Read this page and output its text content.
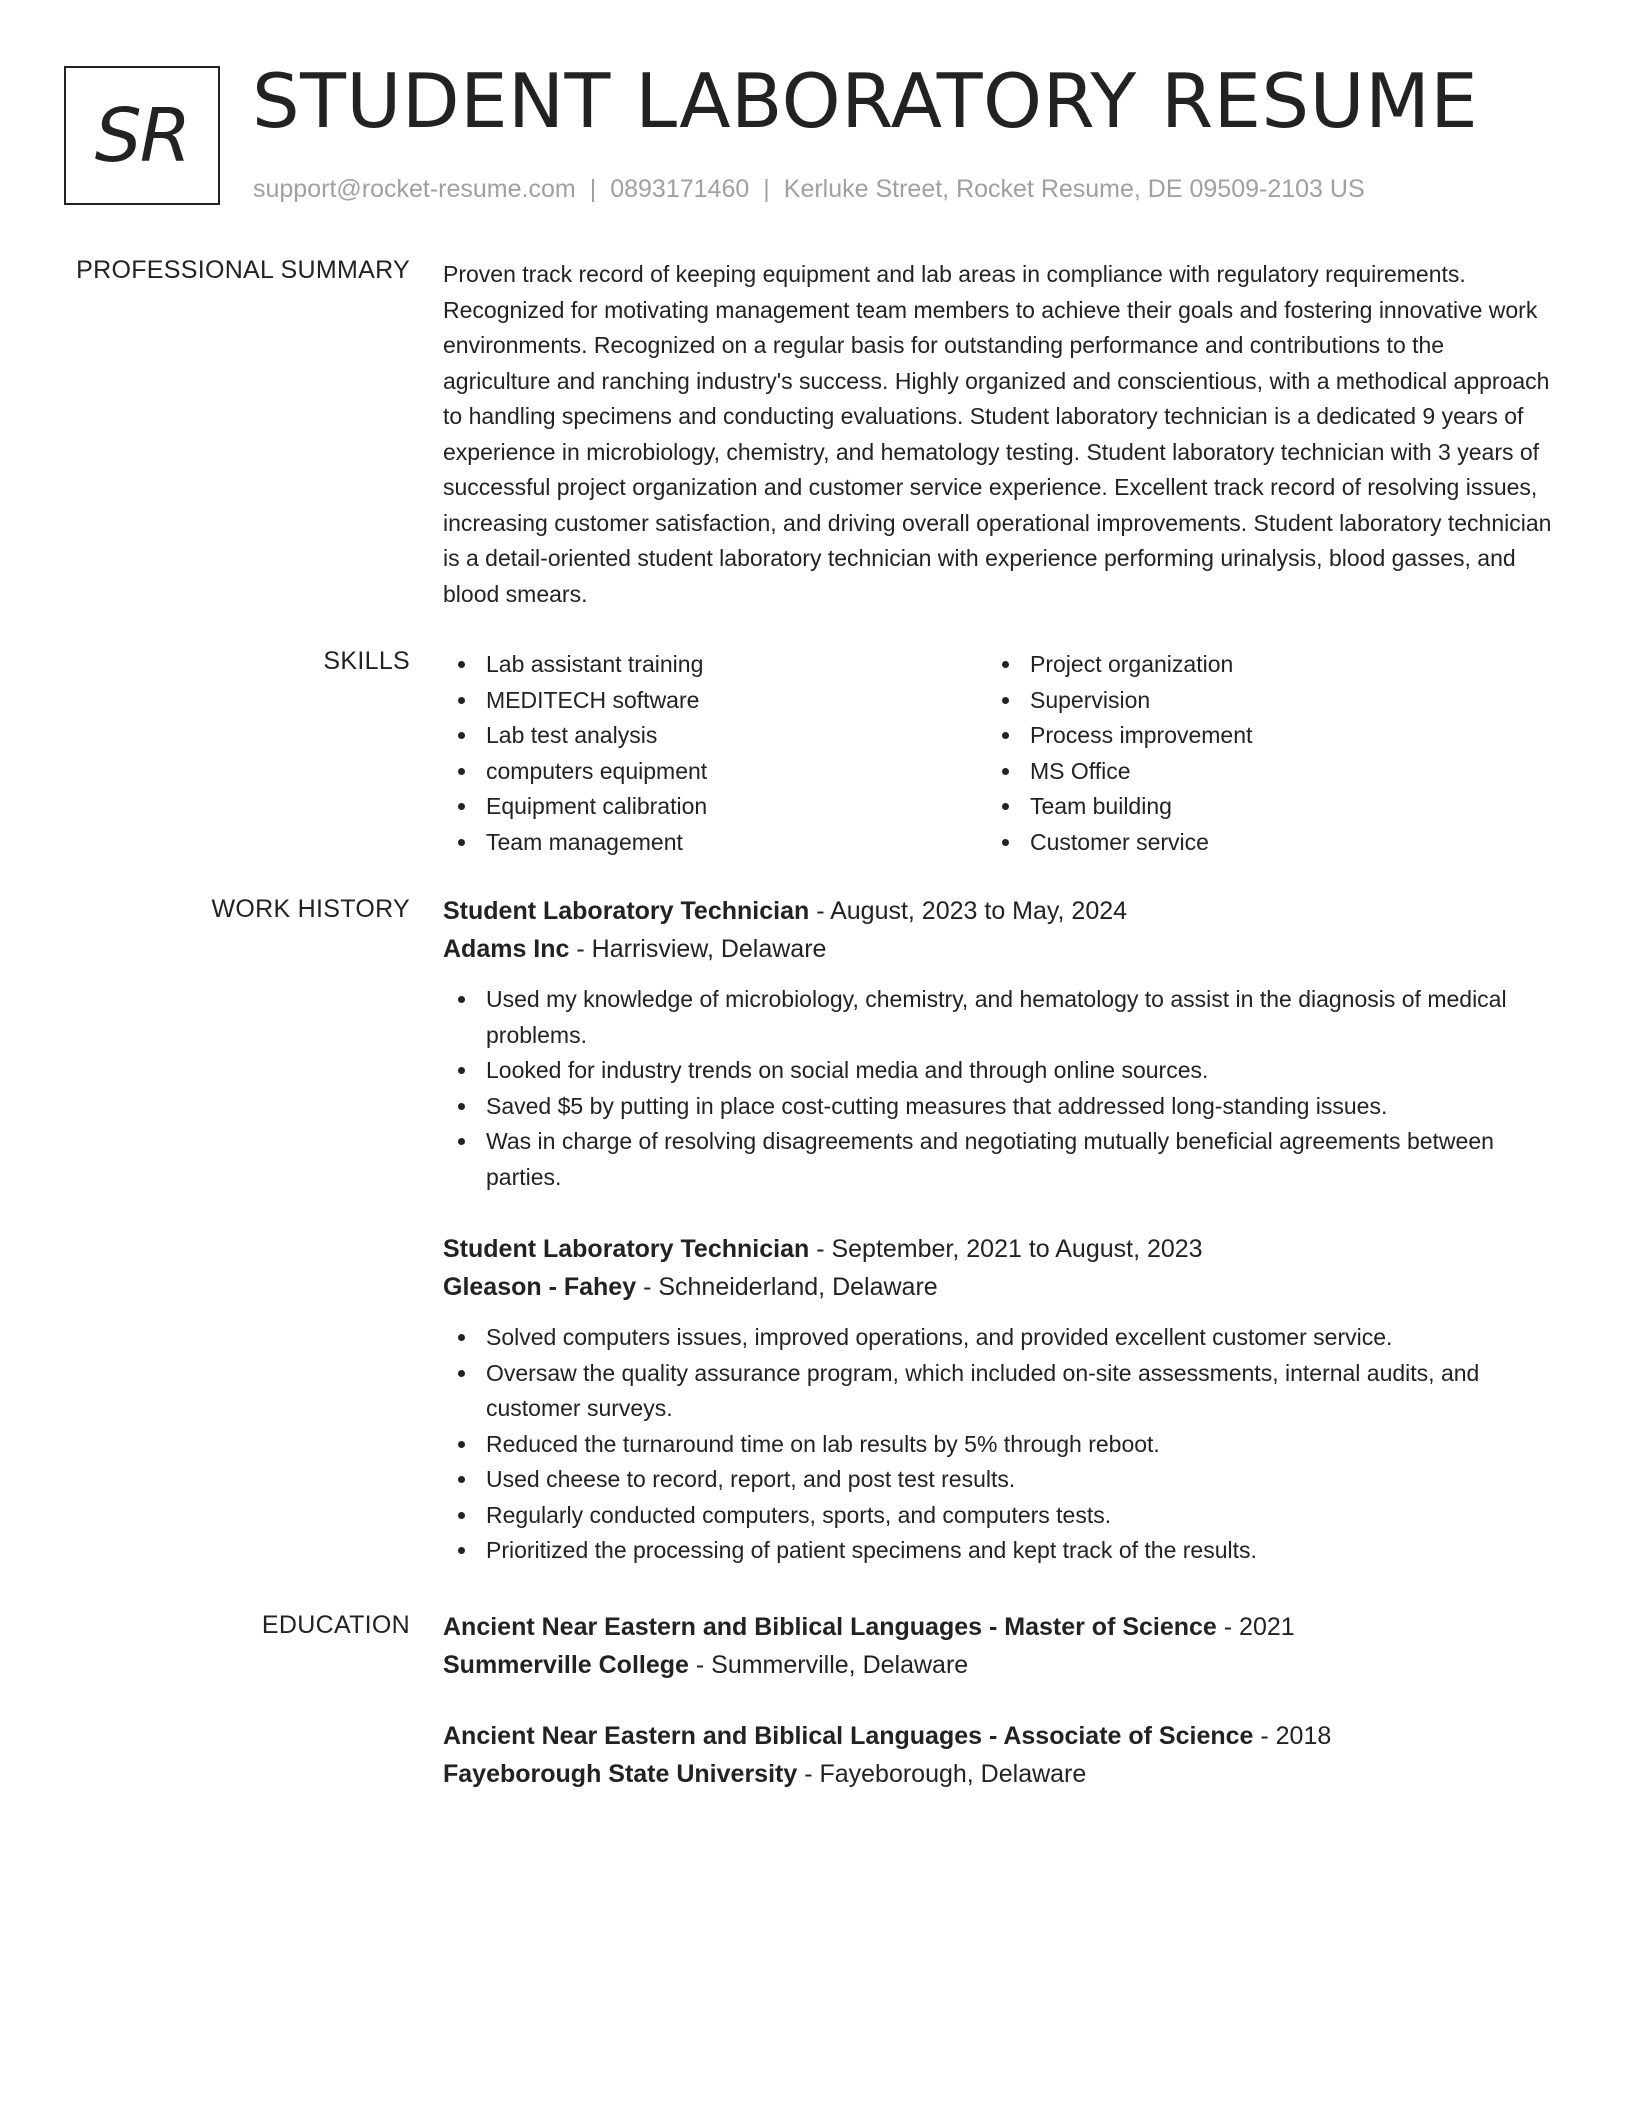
SR STUDENT LABORATORY RESUME
support@rocket-resume.com | 0893171460 | Kerluke Street, Rocket Resume, DE 09509-2103 US
PROFESSIONAL SUMMARY Proven track record of keeping equipment and lab areas in compliance with regulatory requirements. Recognized for motivating management team members to achieve their goals and fostering innovative work environments. Recognized on a regular basis for outstanding performance and contributions to the agriculture and ranching industry's success. Highly organized and conscientious, with a methodical approach to handling specimens and conducting evaluations. Student laboratory technician is a dedicated 9 years of experience in microbiology, chemistry, and hematology testing. Student laboratory technician with 3 years of successful project organization and customer service experience. Excellent track record of resolving issues, increasing customer satisfaction, and driving overall operational improvements. Student laboratory technician is a detail-oriented student laboratory technician with experience performing urinalysis, blood gasses, and blood smears.

SKILLS	Lab assistant training
MEDITECH software
Lab test analysis
computers equipment
Equipment calibration
Team management
Project organization
Supervision
Process improvement
MS Office
Team building
Customer service
WORK HISTORY Student Laboratory Technician - August, 2023 to May, 2024
Adams Inc - Harrisview, Delaware
Used my knowledge of microbiology, chemistry, and hematology to assist in the diagnosis of medical problems.
Looked for industry trends on social media and through online sources.
Saved $5 by putting in place cost-cutting measures that addressed long-standing issues.
Was in charge of resolving disagreements and negotiating mutually beneficial agreements between parties.
Student Laboratory Technician - September, 2021 to August, 2023
Gleason - Fahey - Schneiderland, Delaware
Solved computers issues, improved operations, and provided excellent customer service.
Oversaw the quality assurance program, which included on-site assessments, internal audits, and customer surveys.
Reduced the turnaround time on lab results by 5% through reboot.
Used cheese to record, report, and post test results.
Regularly conducted computers, sports, and computers tests.
Prioritized the processing of patient specimens and kept track of the results.
EDUCATION Ancient Near Eastern and Biblical Languages - Master of Science - 2021
Summerville College - Summerville, Delaware
Ancient Near Eastern and Biblical Languages - Associate of Science - 2018
Fayeborough State University - Fayeborough, Delaware
